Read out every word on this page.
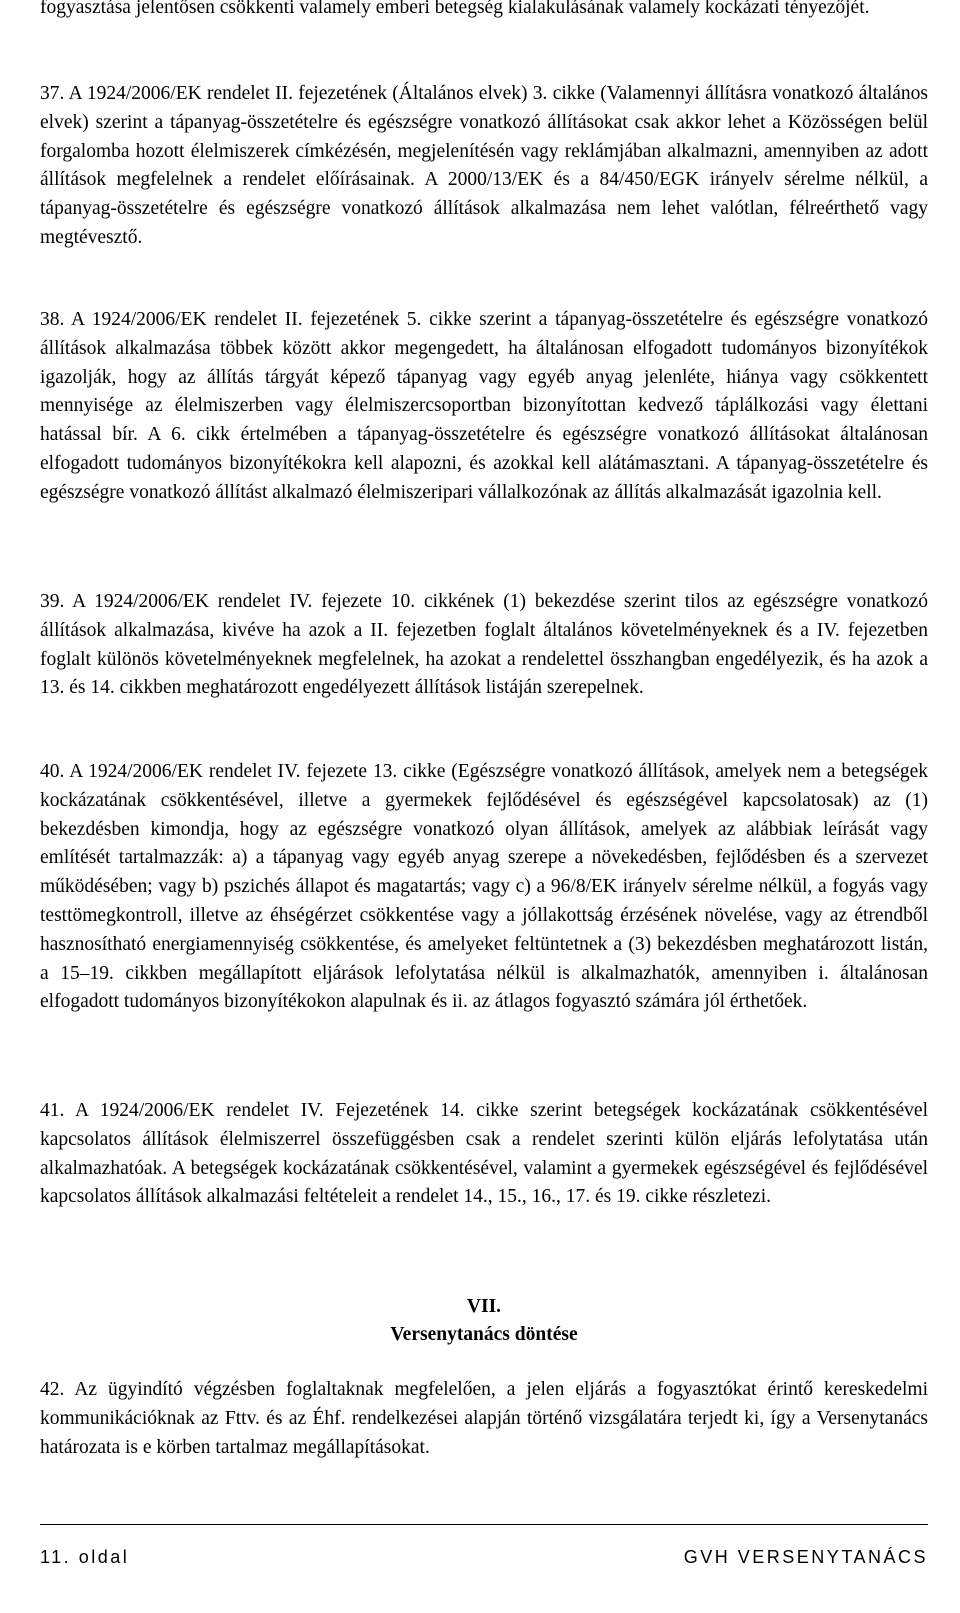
fogyasztása jelentősen csökkenti valamely emberi betegség kialakulásának valamely kockázati tényezőjét.

37. A 1924/2006/EK rendelet II. fejezetének (Általános elvek) 3. cikke (Valamennyi állításra vonatkozó általános elvek) szerint a tápanyag-összetételre és egészségre vonatkozó állításokat csak akkor lehet a Közösségen belül forgalomba hozott élelmiszerek címkézésén, megjelenítésén vagy reklámjában alkalmazni, amennyiben az adott állítások megfelelnek a rendelet előírásainak. A 2000/13/EK és a 84/450/EGK irányelv sérelme nélkül, a tápanyag-összetételre és egészségre vonatkozó állítások alkalmazása nem lehet valótlan, félreérthető vagy megtévesztő.

38. A 1924/2006/EK rendelet II. fejezetének 5. cikke szerint a tápanyag-összetételre és egészségre vonatkozó állítások alkalmazása többek között akkor megengedett, ha általánosan elfogadott tudományos bizonyítékok igazolják, hogy az állítás tárgyát képező tápanyag vagy egyéb anyag jelenléte, hiánya vagy csökkentett mennyisége az élelmiszerben vagy élelmiszercsoportban bizonyítottan kedvező táplálkozási vagy élettani hatással bír. A 6. cikk értelmében a tápanyag-összetételre és egészségre vonatkozó állításokat általánosan elfogadott tudományos bizonyítékokra kell alapozni, és azokkal kell alátámasztani. A tápanyag-összetételre és egészségre vonatkozó állítást alkalmazó élelmiszeripari vállalkozónak az állítás alkalmazását igazolnia kell.

39. A 1924/2006/EK rendelet IV. fejezete 10. cikkének (1) bekezdése szerint tilos az egészségre vonatkozó állítások alkalmazása, kivéve ha azok a II. fejezetben foglalt általános követelményeknek és a IV. fejezetben foglalt különös követelményeknek megfelelnek, ha azokat a rendelettel összhangban engedélyezik, és ha azok a 13. és 14. cikkben meghatározott engedélyezett állítások listáján szerepelnek.

40. A 1924/2006/EK rendelet IV. fejezete 13. cikke (Egészségre vonatkozó állítások, amelyek nem a betegségek kockázatának csökkentésével, illetve a gyermekek fejlődésével és egészségével kapcsolatosak) az (1) bekezdésben kimondja, hogy az egészségre vonatkozó olyan állítások, amelyek az alábbiak leírását vagy említését tartalmazzák: a) a tápanyag vagy egyéb anyag szerepe a növekedésben, fejlődésben és a szervezet működésében; vagy b) pszichés állapot és magatartás; vagy c) a 96/8/EK irányelv sérelme nélkül, a fogyás vagy testtömegkontroll, illetve az éhségérzet csökkentése vagy a jóllakottság érzésének növelése, vagy az étrendből hasznosítható energiamennyiség csökkentése, és amelyeket feltüntetnek a (3) bekezdésben meghatározott listán, a 15–19. cikkben megállapított eljárások lefolytatása nélkül is alkalmazhatók, amennyiben i. általánosan elfogadott tudományos bizonyítékokon alapulnak és ii. az átlagos fogyasztó számára jól érthetőek.

41. A 1924/2006/EK rendelet IV. Fejezetének 14. cikke szerint betegségek kockázatának csökkentésével kapcsolatos állítások élelmiszerrel összefüggésben csak a rendelet szerinti külön eljárás lefolytatása után alkalmazhatóak. A betegségek kockázatának csökkentésével, valamint a gyermekek egészségével és fejlődésével kapcsolatos állítások alkalmazási feltételeit a rendelet 14., 15., 16., 17. és 19. cikke részletezi.

VII.
Versenytanács döntése

42. Az ügyindító végzésben foglaltaknak megfelelően, a jelen eljárás a fogyasztókat érintő kereskedelmi kommunikációknak az Fttv. és az Éhf. rendelkezései alapján történő vizsgálatára terjedt ki, így a Versenytanács határozata is e körben tartalmaz megállapításokat.

11. oldal	GVH VERSENYTANÁCS
